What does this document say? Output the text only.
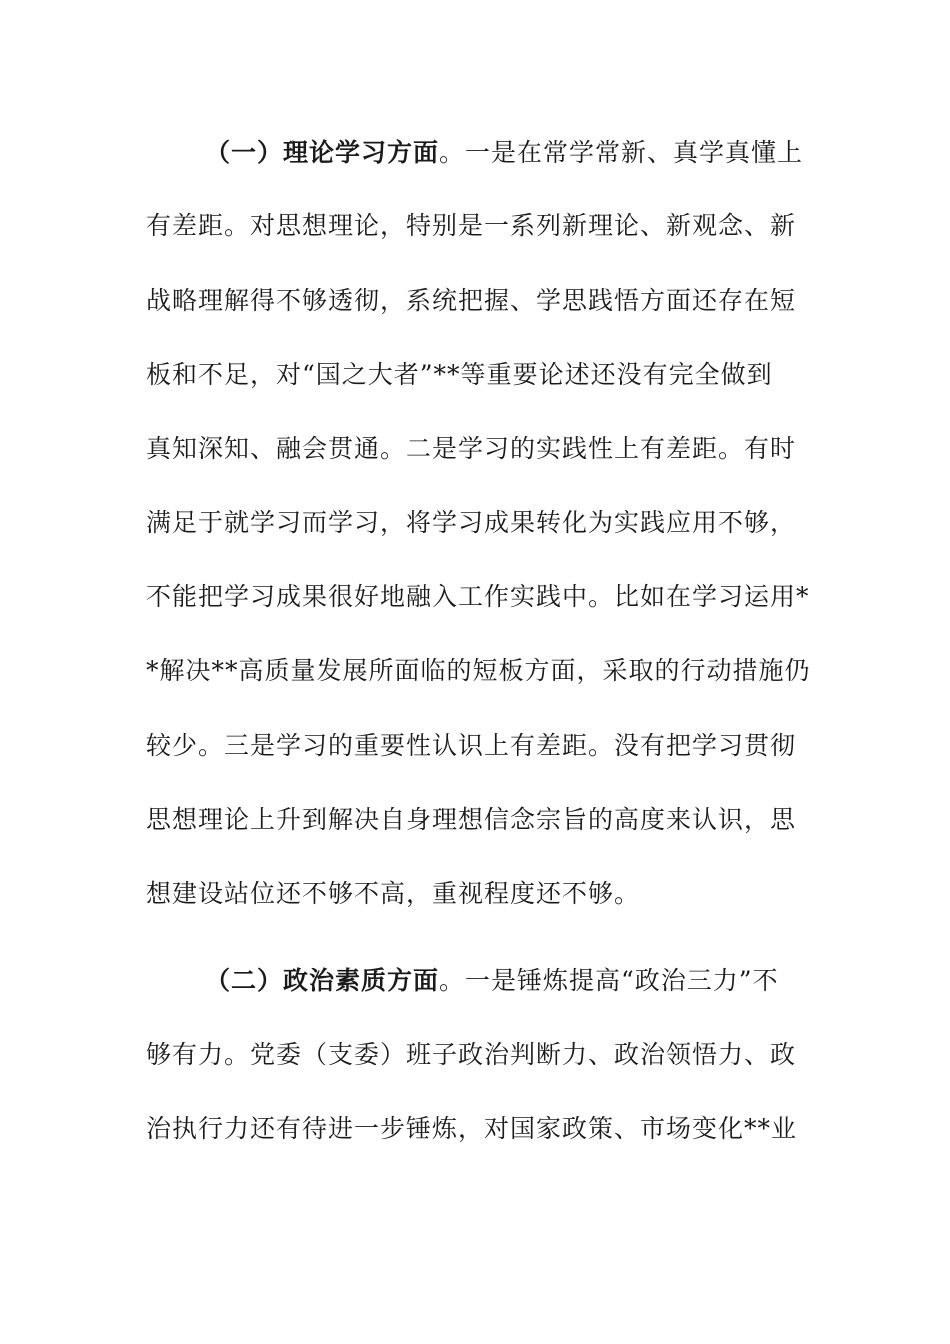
（一）理论学习方面。一是在常学常新、真学真懂上
有差距。对思想理论，特别是一系列新理论、新观念、新
战略理解得不够透彻，系统把握、学思践悟方面还存在短
板和不足，对“国之大者”**等重要论述还没有完全做到
真知深知、融会贯通。二是学习的实践性上有差距。有时
满足于就学习而学习，将学习成果转化为实践应用不够，
不能把学习成果很好地融入工作实践中。比如在学习运用*
*解决**高质量发展所面临的短板方面，采取的行动措施仍
较少。三是学习的重要性认识上有差距。没有把学习贯彻
思想理论上升到解决自身理想信念宗旨的高度来认识，思
想建设站位还不够不高，重视程度还不够。
（二）政治素质方面。一是锤炼提高“政治三力”不
够有力。党委（支委）班子政治判断力、政治领悟力、政
治执行力还有待进一步锤炼，对国家政策、市场变化**业
